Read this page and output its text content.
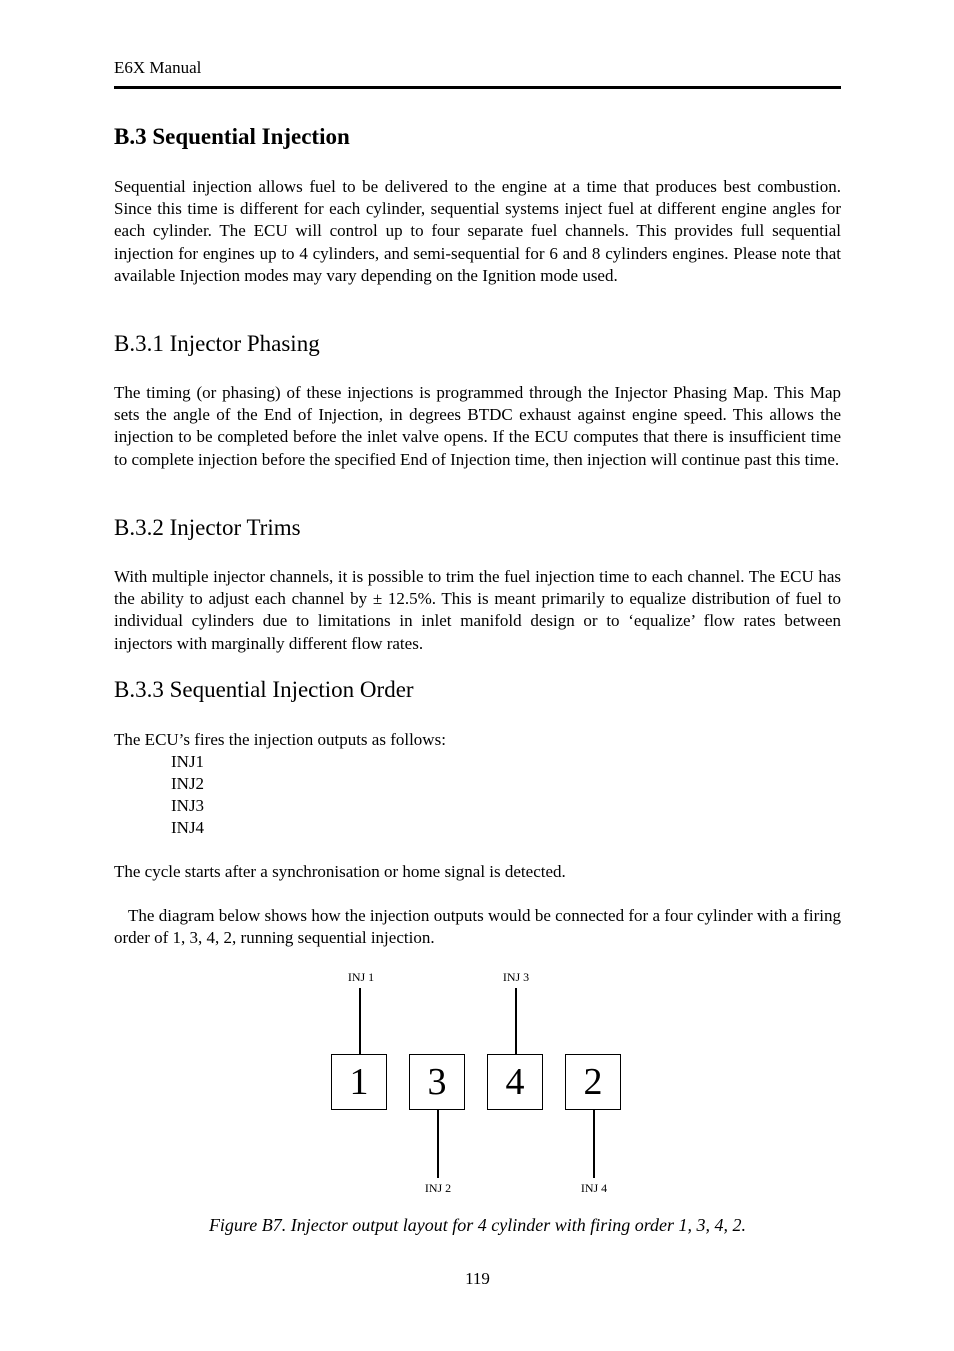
E6X Manual
B.3 Sequential Injection

Sequential injection allows fuel to be delivered to the engine at a time that produces best combustion. Since this time is different for each cylinder, sequential systems inject fuel at different engine angles for each cylinder. The ECU will control up to four separate fuel channels. This provides full sequential injection for engines up to 4 cylinders, and semi-sequential for 6 and 8 cylinders engines. Please note that available Injection modes may vary depending on the Ignition mode used.

B.3.1 Injector Phasing

The timing (or phasing) of these injections is programmed through the Injector Phasing Map. This Map sets the angle of the End of Injection, in degrees BTDC exhaust against engine speed. This allows the injection to be completed before the inlet valve opens. If the ECU computes that there is insufficient time to complete injection before the specified End of Injection time, then injection will continue past this time.

B.3.2 Injector Trims

With multiple injector channels, it is possible to trim the fuel injection time to each channel. The ECU has the ability to adjust each channel by ± 12.5%. This is meant primarily to equalize distribution of fuel to individual cylinders due to limitations in inlet manifold design or to ‘equalize’ flow rates between injectors with marginally different flow rates.

B.3.3 Sequential Injection Order

The ECU’s fires the injection outputs as follows:

INJ1
INJ2
INJ3
INJ4

The cycle starts after a synchronisation or home signal is detected.

The diagram below shows how the injection outputs would be connected for a four cylinder with a firing order of 1, 3, 4, 2, running sequential injection.

Figure B7. Injector output layout for 4 cylinder with firing order 1, 3, 4, 2.

119
INJ 1	INJ 3
1	3	4	2
INJ 2	INJ 4
